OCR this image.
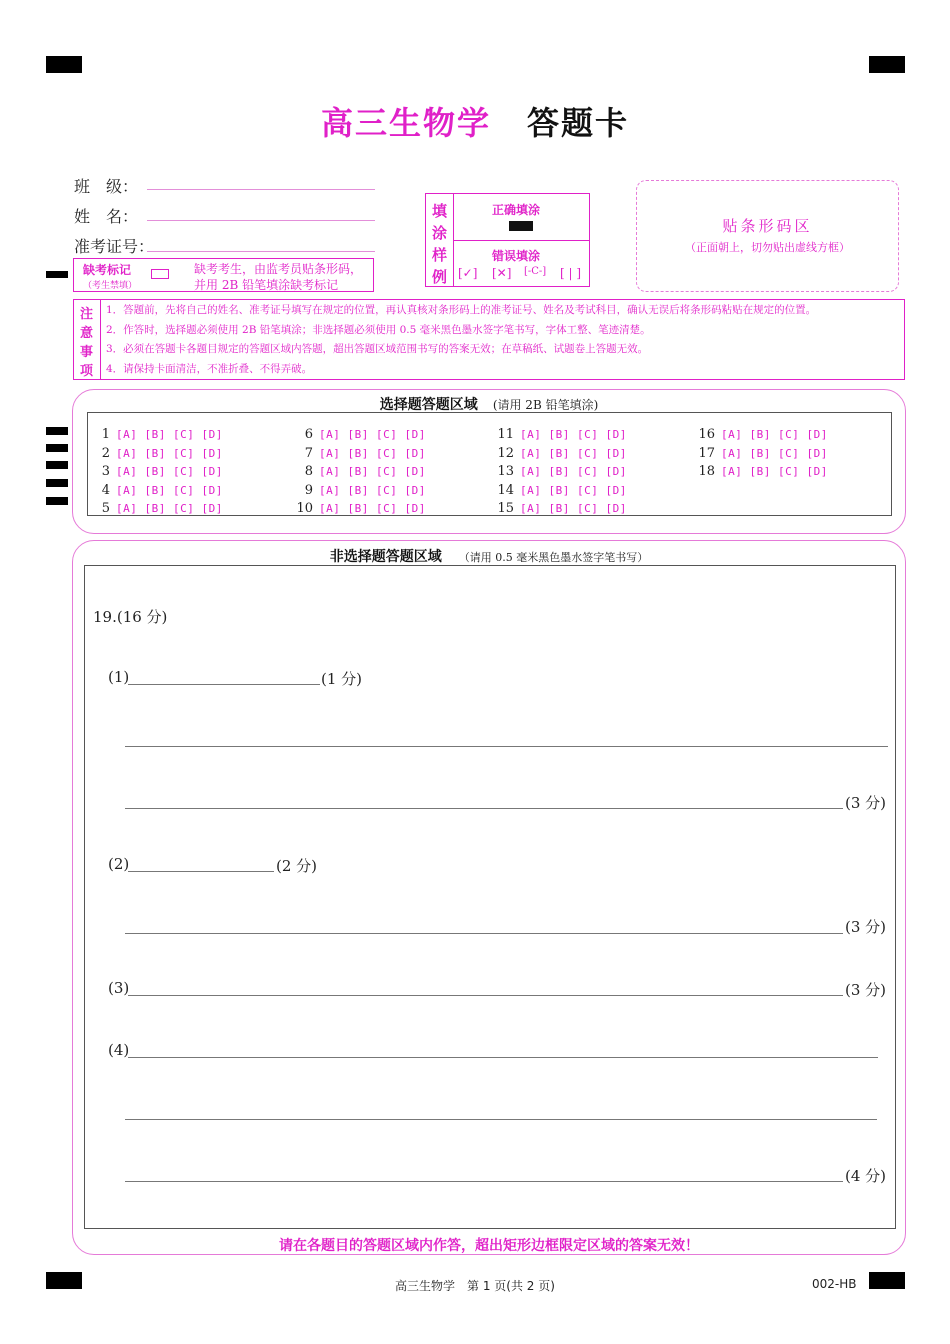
高三生物学 答题卡
班　级：
姓　名：
准考证号：
缺考标记
（考生禁填）
缺考考生，由监考员贴条形码，
并用 2B 铅笔填涂缺考标记
填
涂
样
例
正确填涂
错误填涂
[✓] [✕] [-C-] [ | ]
贴条形码区
（正面朝上，切勿贴出虚线方框）
注
意
事
项
1．答题前，先将自己的姓名、准考证号填写在规定的位置，再认真核对条形码上的准考证号、姓名及考试科目，确认无误后将条形码粘贴在规定的位置。
2．作答时，选择题必须使用 2B 铅笔填涂；非选择题必须使用 0.5 毫米黑色墨水签字笔书写，字体工整、笔迹清楚。
3．必须在答题卡各题目规定的答题区域内答题，超出答题区域范围书写的答案无效；在草稿纸、试题卷上答题无效。
4．请保持卡面清洁，不准折叠、不得弄破。
选择题答题区域 (请用 2B 铅笔填涂)
1 [A] [B] [C] [D]
2 [A] [B] [C] [D]
3 [A] [B] [C] [D]
4 [A] [B] [C] [D]
5 [A] [B] [C] [D]
6 [A] [B] [C] [D]
7 [A] [B] [C] [D]
8 [A] [B] [C] [D]
9 [A] [B] [C] [D]
10 [A] [B] [C] [D]
11 [A] [B] [C] [D]
12 [A] [B] [C] [D]
13 [A] [B] [C] [D]
14 [A] [B] [C] [D]
15 [A] [B] [C] [D]
16 [A] [B] [C] [D]
17 [A] [B] [C] [D]
18 [A] [B] [C] [D]
非选择题答题区域 （请用 0.5 毫米黑色墨水签字笔书写）
请在各题目的答题区域内作答，超出矩形边框限定区域的答案无效！
19.(16 分)
(1)	(1 分)
(3 分)
(2)	(2 分)
(3 分)
(3)	(3 分)
(4)
(4 分)
高三生物学　第 1 页(共 2 页)	002-HB
